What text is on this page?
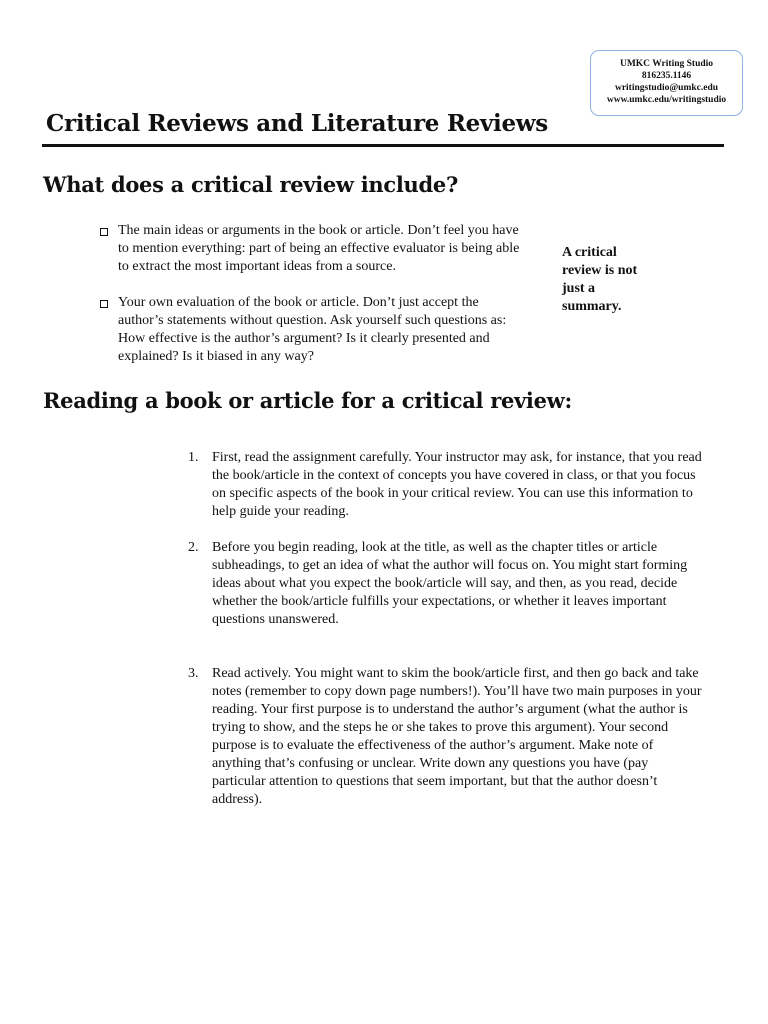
UMKC Writing Studio
816235.1146
writingstudio@umkc.edu
www.umkc.edu/writingstudio
Critical Reviews and Literature Reviews
What does a critical review include?
The main ideas or arguments in the book or article. Don’t feel you have to mention everything: part of being an effective evaluator is being able to extract the most important ideas from a source.
Your own evaluation of the book or article. Don’t just accept the author’s statements without question. Ask yourself such questions as: How effective is the author’s argument? Is it clearly presented and explained? Is it biased in any way?
A critical review is not just a summary.
Reading a book or article for a critical review:
1. First, read the assignment carefully. Your instructor may ask, for instance, that you read the book/article in the context of concepts you have covered in class, or that you focus on specific aspects of the book in your critical review. You can use this information to help guide your reading.
2. Before you begin reading, look at the title, as well as the chapter titles or article subheadings, to get an idea of what the author will focus on. You might start forming ideas about what you expect the book/article will say, and then, as you read, decide whether the book/article fulfills your expectations, or whether it leaves important questions unanswered.
3. Read actively. You might want to skim the book/article first, and then go back and take notes (remember to copy down page numbers!). You’ll have two main purposes in your reading. Your first purpose is to understand the author’s argument (what the author is trying to show, and the steps he or she takes to prove this argument). Your second purpose is to evaluate the effectiveness of the author’s argument. Make note of anything that’s confusing or unclear. Write down any questions you have (pay particular attention to questions that seem important, but that the author doesn’t address).
